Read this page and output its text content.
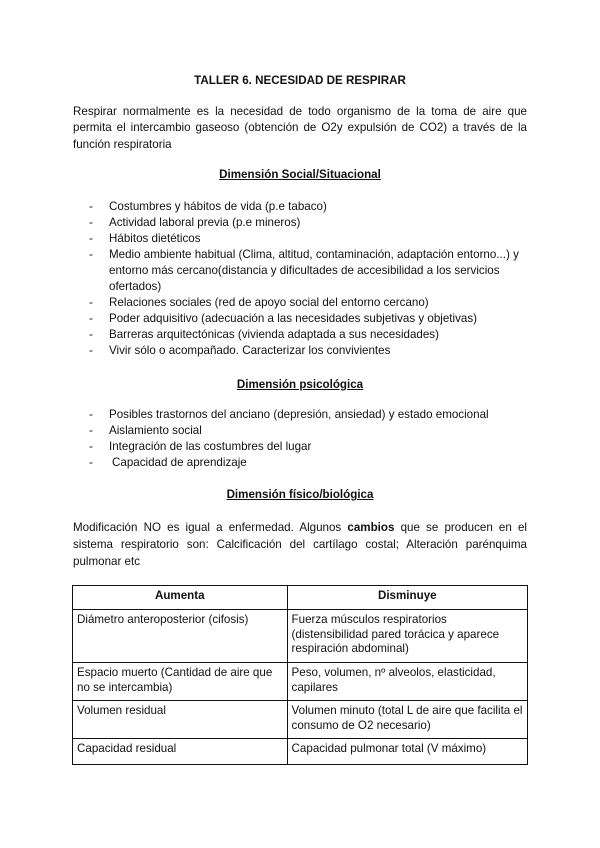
TALLER 6. NECESIDAD DE RESPIRAR
Respirar normalmente es la necesidad de todo organismo de la toma de aire que permita el intercambio gaseoso (obtención de O2y expulsión de CO2) a través de la función respiratoria
Dimensión Social/Situacional
- Costumbres y hábitos de vida (p.e tabaco)
- Actividad laboral previa (p.e mineros)
- Hábitos dietéticos
- Medio ambiente habitual (Clima, altitud, contaminación, adaptación entorno...) y entorno más cercano(distancia y dificultades de accesibilidad a los servicios ofertados)
- Relaciones sociales (red de apoyo social del entorno cercano)
- Poder adquisitivo (adecuación a las necesidades subjetivas y objetivas)
- Barreras arquitectónicas (vivienda adaptada a sus necesidades)
- Vivir sólo o acompañado. Caracterizar los convivientes
Dimensión psicológica
- Posibles trastornos del anciano (depresión, ansiedad) y estado emocional
- Aislamiento social
- Integración de las costumbres del lugar
- Capacidad de aprendizaje
Dimensión físico/biológica
Modificación NO es igual a enfermedad. Algunos cambios que se producen en el sistema respiratorio son: Calcificación del cartílago costal; Alteración parénquima pulmonar etc
Aumenta	Disminuye
Diámetro anteroposterior (cifosis)	Fuerza músculos respiratorios (distensibilidad pared torácica y aparece respiración abdominal)
Espacio muerto (Cantidad de aire que no se intercambia)	Peso, volumen, nº alveolos, elasticidad, capilares
Volumen residual	Volumen minuto (total L de aire que facilita el consumo de O2 necesario)
Capacidad residual	Capacidad pulmonar total (V máximo)
